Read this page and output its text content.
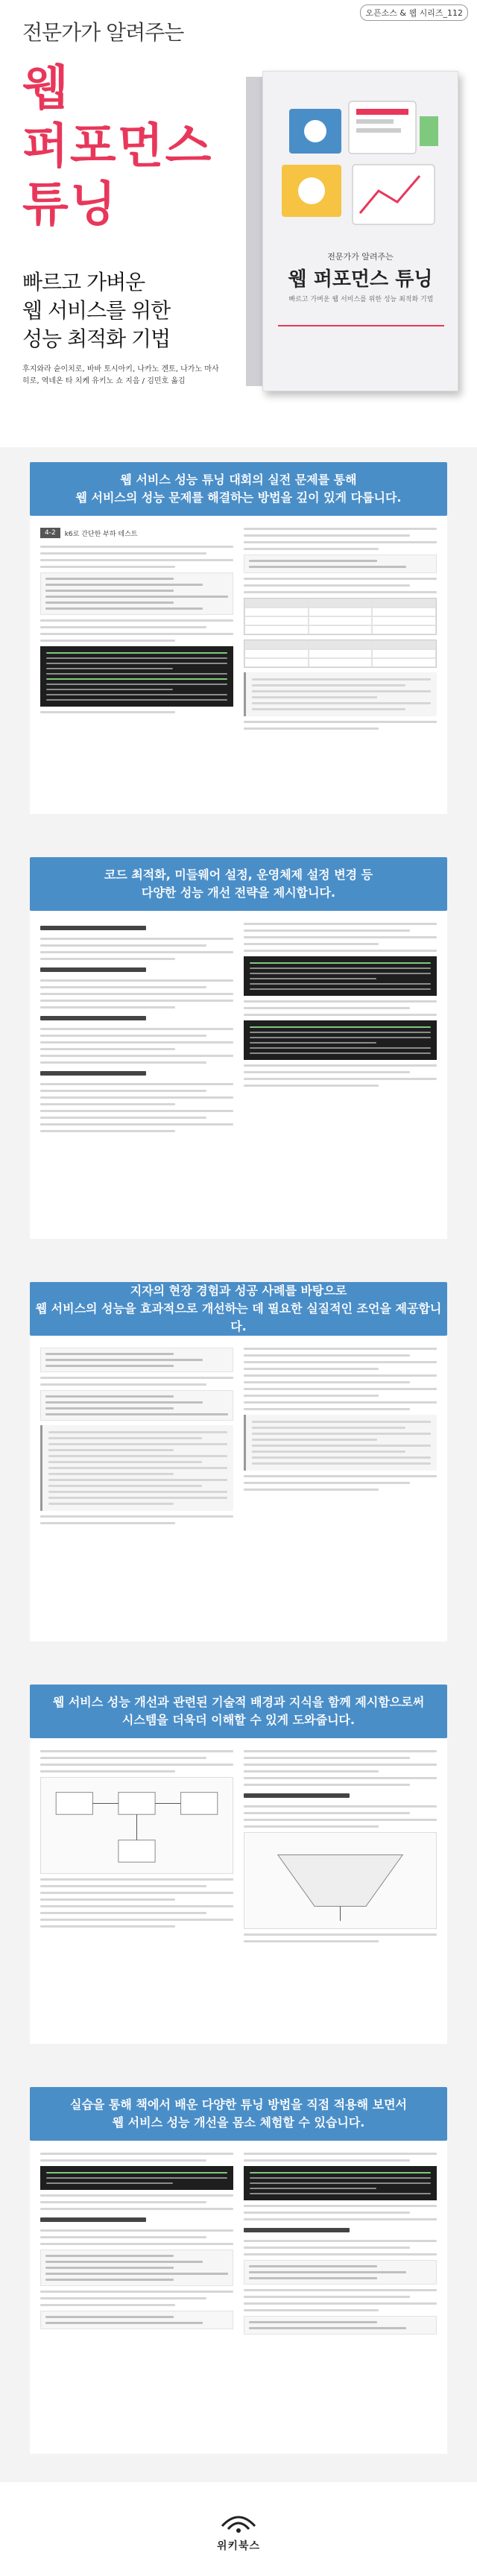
오픈소스 & 웹 시리즈_112
전문가가 알려주는
웹
퍼포먼스
튜닝
빠르고 가벼운
웹 서비스를 위한
성능 최적화 기법
후지와라 슌이치로, 바바 토시아키, 나카노 겐토, 나가노 마사히로, 역네온 타 치케 유키노 쇼 지음 / 김민호 옮김
전문가가 알려주는
웹 퍼포먼스 튜닝
빠르고 가벼운 웹 서비스를 위한 성능 최적화 기법
웹 서비스 성능 튜닝 대회의 실전 문제를 통해
웹 서비스의 성능 문제를 해결하는 방법을 깊이 있게 다룹니다.
4-2	k6로 간단한 부하 테스트
코드 최적화, 미들웨어 설정, 운영체제 설정 변경 등
다양한 성능 개선 전략을 제시합니다.
지자의 현장 경험과 성공 사례를 바탕으로
웹 서비스의 성능을 효과적으로 개선하는 데 필요한 실질적인 조언을 제공합니다.
웹 서비스 성능 개선과 관련된 기술적 배경과 지식을 함께 제시함으로써
시스템을 더욱더 이해할 수 있게 도와줍니다.
실습을 통해 책에서 배운 다양한 튜닝 방법을 직접 적용해 보면서
웹 서비스 성능 개선을 몸소 체험할 수 있습니다.
위키북스
